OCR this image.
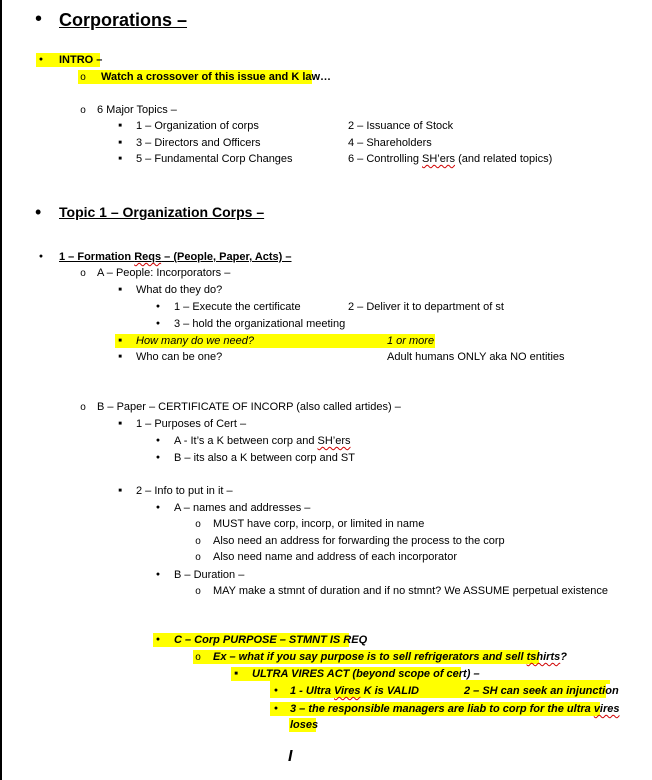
• Corporations –
●
INTRO –
o
Watch a crossover of this issue and K law…
o
6 Major Topics –
■
1 – Organization of corps	2 – Issuance of Stock
■
3 – Directors and Officers	4 – Shareholders
■
5 – Fundamental Corp Changes	6 – Controlling SH’ers (and related topics)
• Topic 1 – Organization Corps –
●
1 – Formation Reqs – (People, Paper, Acts) –
o
A – People: Incorporators –
■
What do they do?
●
1 – Execute the certificate	2 – Deliver it to department of st
●
3 – hold the organizational meeting
■
How many do we need?	1 or more
■
Who can be one?	Adult humans ONLY aka NO entities
o
B – Paper – CERTIFICATE OF INCORP (also called artides) –
■
1 – Purposes of Cert –
●
A - It’s a K between corp and SH’ers
●
B – its also a K between corp and ST
■
2 – Info to put in it –
●
A – names and addresses –
o
MUST have corp, incorp, or limited in name
o
Also need an address for forwarding the process to the corp
o
Also need name and address of each incorporator
●
B – Duration –
o
MAY make a stmnt of duration and if no stmnt? We ASSUME perpetual existence
●
C – Corp PURPOSE – STMNT IS REQ
o
Ex – what if you say purpose is to sell refrigerators and sell tshirts?
■
ULTRA VIRES ACT (beyond scope of cert) –
●
1 - Ultra Vires K is VALID	2 – SH can seek an injunction
●
3 – the responsible managers are liab to corp for the ultra vires
loses
I
